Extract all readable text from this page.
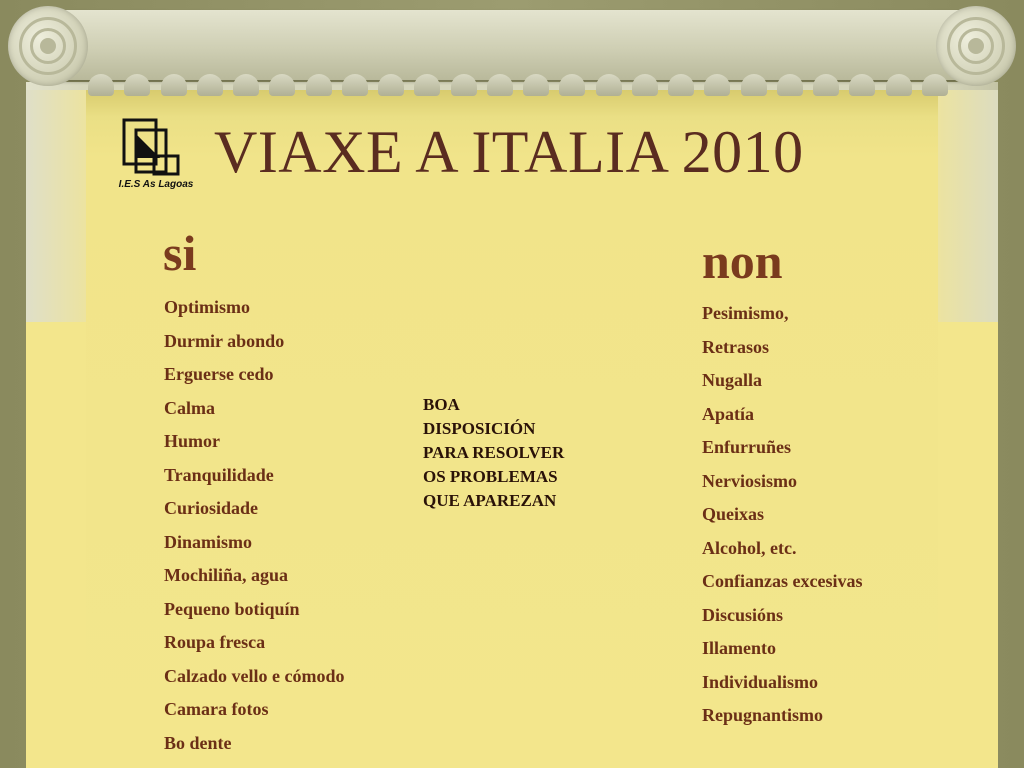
I.E.S As Lagoas VIAXE A ITALIA 2010
si
Optimismo
Durmir abondo
Erguerse cedo
Calma
Humor
Tranquilidade
Curiosidade
Dinamismo
Mochiliña, agua
Pequeno botiquín
Roupa fresca
Calzado vello e cómodo
Camara fotos
Bo dente
BOA
DISPOSICIÓN
PARA RESOLVER
OS PROBLEMAS
QUE APAREZAN
non
Pesimismo,
Retrasos
Nugalla
Apatía
Enfurruñes
Nerviosismo
Queixas
Alcohol, etc.
Confianzas excesivas
Discusións
Illamento
Individualismo
Repugnantismo
